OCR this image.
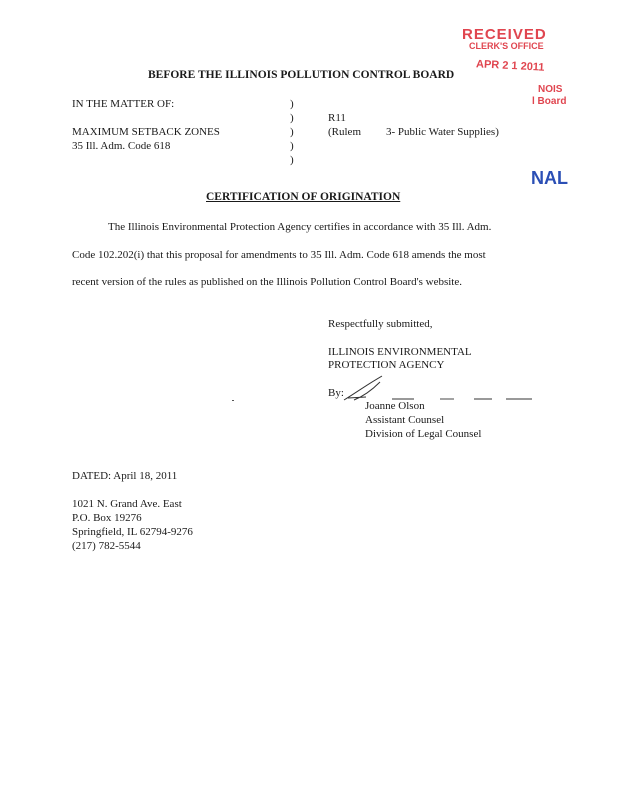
RECEIVED
CLERK'S OFFICE
APR 2 1 2011
NOIS
l Board
NAL
BEFORE THE ILLINOIS POLLUTION CONTROL BOARD
IN THE MATTER OF:
MAXIMUM SETBACK ZONES
35 Ill. Adm. Code 618
)
)
)
)
)
R11
(Rulem 3- Public Water Supplies)
CERTIFICATION OF ORIGINATION
The Illinois Environmental Protection Agency certifies in accordance with 35 Ill. Adm.
Code 102.202(i) that this proposal for amendments to 35 Ill. Adm. Code 618 amends the most
recent version of the rules as published on the Illinois Pollution Control Board's website.
Respectfully submitted,
ILLINOIS ENVIRONMENTAL
PROTECTION AGENCY
By:
Joanne Olson
Assistant Counsel
Division of Legal Counsel
DATED: April 18, 2011
1021 N. Grand Ave. East
P.O. Box 19276
Springfield, IL 62794-9276
(217) 782-5544
